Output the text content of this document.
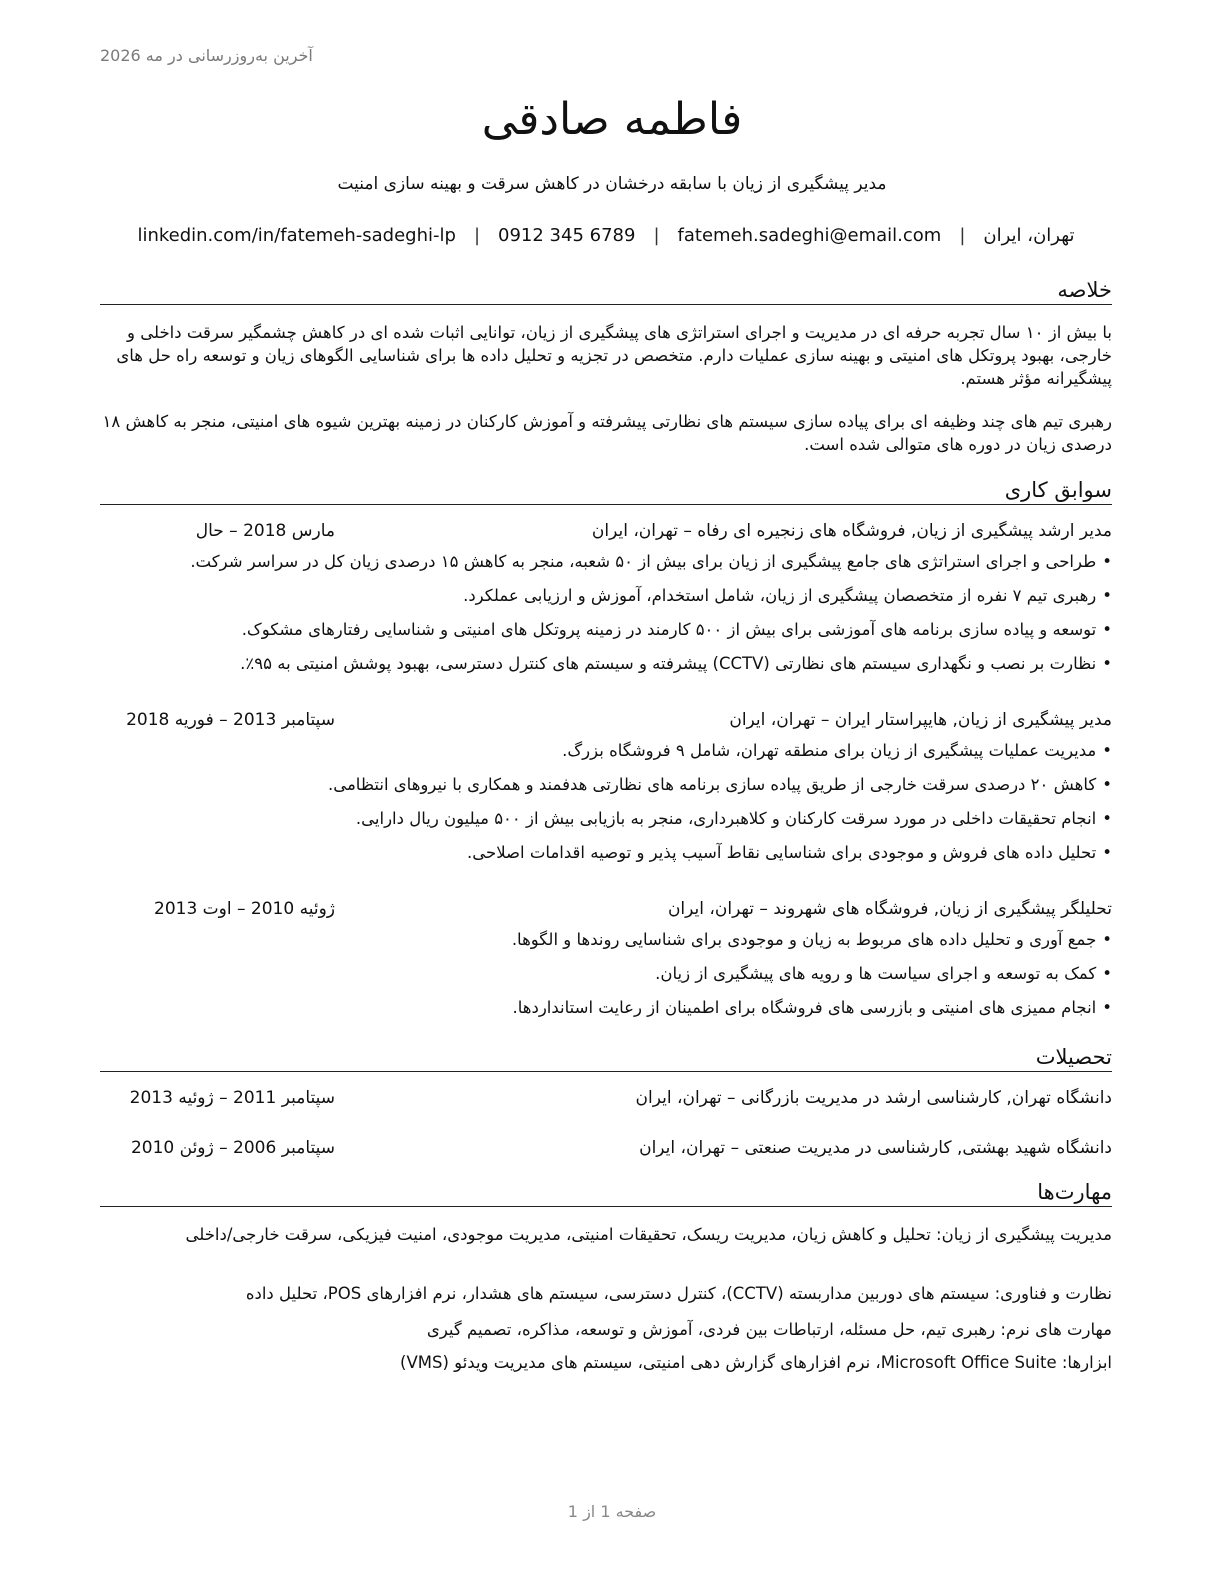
آخرین به‌روزرسانی در مه 2026
فاطمه صادقی
مدیر پیشگیری از زیان با سابقه درخشان در کاهش سرقت و بهینه سازی امنیت
تهران، ایران|fatemeh.sadeghi@email.com|0912 345 6789|linkedin.com/in/fatemeh-sadeghi-lp
خلاصه
با بیش از ۱۰ سال تجربه حرفه ای در مدیریت و اجرای استراتژی های پیشگیری از زیان، توانایی اثبات شده ای در کاهش چشمگیر سرقت داخلی و خارجی، بهبود پروتکل های امنیتی و بهینه سازی عملیات دارم. متخصص در تجزیه و تحلیل داده ها برای شناسایی الگوهای زیان و توسعه راه حل های پیشگیرانه مؤثر هستم.
رهبری تیم های چند وظیفه ای برای پیاده سازی سیستم های نظارتی پیشرفته و آموزش کارکنان در زمینه بهترین شیوه های امنیتی، منجر به کاهش ۱۸ درصدی زیان در دوره های متوالی شده است.
سوابق کاری
مدیر ارشد پیشگیری از زیان, فروشگاه های زنجیره ای رفاه – تهران، ایران
مارس 2018 – حال
•طراحی و اجرای استراتژی های جامع پیشگیری از زیان برای بیش از ۵۰ شعبه، منجر به کاهش ۱۵ درصدی زیان کل در سراسر شرکت.
•رهبری تیم ۷ نفره از متخصصان پیشگیری از زیان، شامل استخدام، آموزش و ارزیابی عملکرد.
•توسعه و پیاده سازی برنامه های آموزشی برای بیش از ۵۰۰ کارمند در زمینه پروتکل های امنیتی و شناسایی رفتارهای مشکوک.
•نظارت بر نصب و نگهداری سیستم های نظارتی (CCTV) پیشرفته و سیستم های کنترل دسترسی، بهبود پوشش امنیتی به ۹۵٪.
مدیر پیشگیری از زیان, هایپراستار ایران – تهران، ایران
سپتامبر 2013 – فوریه 2018
•مدیریت عملیات پیشگیری از زیان برای منطقه تهران، شامل ۹ فروشگاه بزرگ.
•کاهش ۲۰ درصدی سرقت خارجی از طریق پیاده سازی برنامه های نظارتی هدفمند و همکاری با نیروهای انتظامی.
•انجام تحقیقات داخلی در مورد سرقت کارکنان و کلاهبرداری، منجر به بازیابی بیش از ۵۰۰ میلیون ریال دارایی.
•تحلیل داده های فروش و موجودی برای شناسایی نقاط آسیب پذیر و توصیه اقدامات اصلاحی.
تحلیلگر پیشگیری از زیان, فروشگاه های شهروند – تهران، ایران
ژوئیه 2010 – اوت 2013
•جمع آوری و تحلیل داده های مربوط به زیان و موجودی برای شناسایی روندها و الگوها.
•کمک به توسعه و اجرای سیاست ها و رویه های پیشگیری از زیان.
•انجام ممیزی های امنیتی و بازرسی های فروشگاه برای اطمینان از رعایت استانداردها.
تحصیلات
دانشگاه تهران, کارشناسی ارشد در مدیریت بازرگانی – تهران، ایران
سپتامبر 2011 – ژوئیه 2013
دانشگاه شهید بهشتی, کارشناسی در مدیریت صنعتی – تهران، ایران
سپتامبر 2006 – ژوئن 2010
مهارت‌ها
مدیریت پیشگیری از زیان: تحلیل و کاهش زیان، مدیریت ریسک، تحقیقات امنیتی، مدیریت موجودی، امنیت فیزیکی، سرقت خارجی/داخلی
نظارت و فناوری: سیستم های دوربین مداربسته (CCTV)، کنترل دسترسی، سیستم های هشدار، نرم افزارهای POS، تحلیل داده
مهارت های نرم: رهبری تیم، حل مسئله، ارتباطات بین فردی، آموزش و توسعه، مذاکره، تصمیم گیری
ابزارها: Microsoft Office Suite، نرم افزارهای گزارش دهی امنیتی، سیستم های مدیریت ویدئو (VMS)
صفحه 1 از 1
